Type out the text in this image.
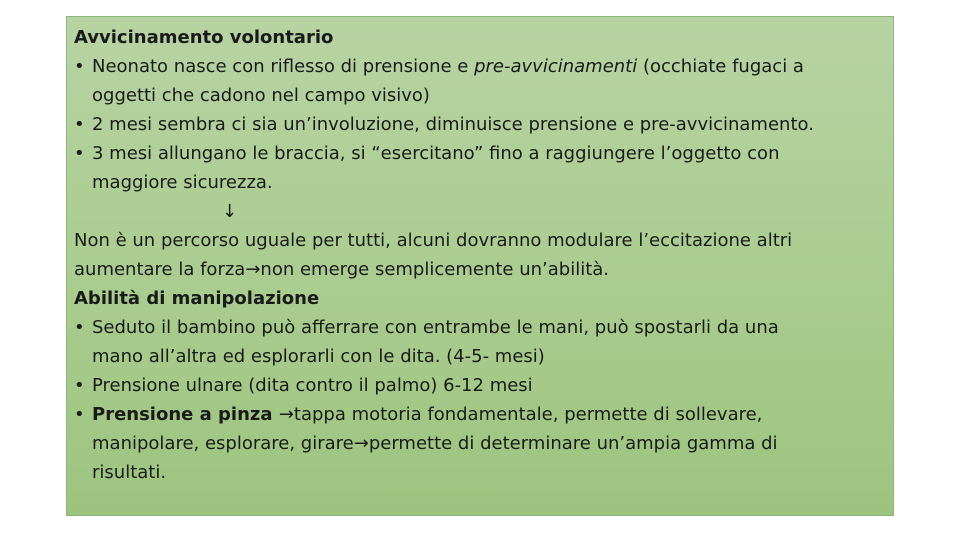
Avvicinamento volontario
• Neonato nasce con riflesso di prensione e pre-avvicinamenti (occhiate fugaci a
oggetti che cadono nel campo visivo)
• 2 mesi sembra ci sia un’involuzione, diminuisce prensione e pre-avvicinamento.
• 3 mesi allungano le braccia, si “esercitano” fino a raggiungere l’oggetto con
maggiore sicurezza.
↓
Non è un percorso uguale per tutti, alcuni dovranno modulare l’eccitazione altri
aumentare la forza→non emerge semplicemente un’abilità.
Abilità di manipolazione
• Seduto il bambino può afferrare con entrambe le mani, può spostarli da una
mano all’altra ed esplorarli con le dita. (4-5- mesi)
• Prensione ulnare (dita contro il palmo) 6-12 mesi
• Prensione a pinza →tappa motoria fondamentale, permette di sollevare,
manipolare, esplorare, girare→permette di determinare un’ampia gamma di
risultati.
